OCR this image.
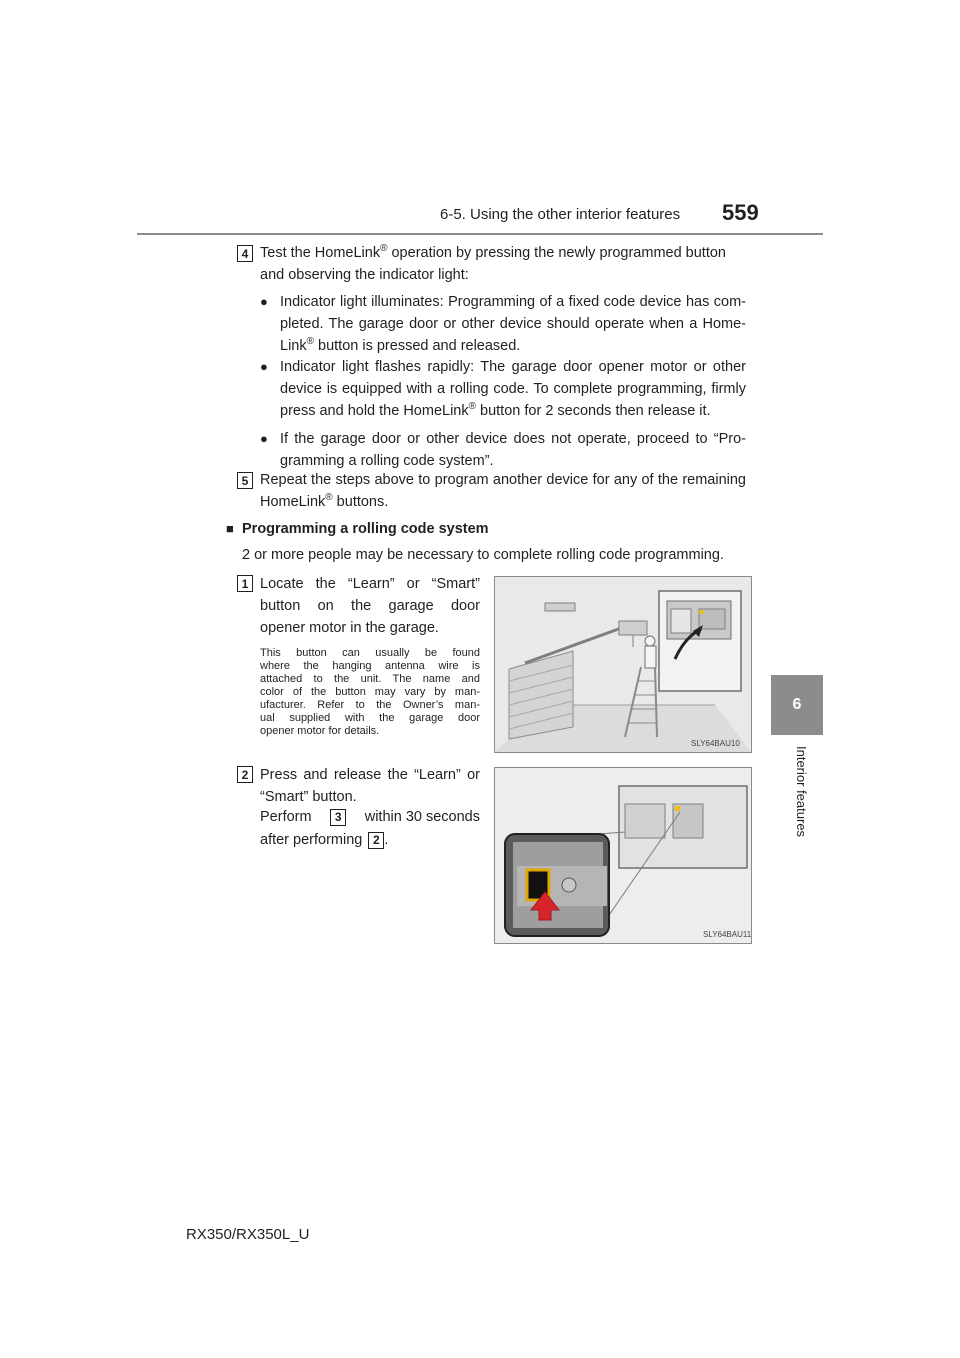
6-5. Using the other interior features 559
6
Interior features
4 Test the HomeLink® operation by pressing the newly programmed button
and observing the indicator light:
● Indicator light illuminates: Programming of a fixed code device has com-
pleted. The garage door or other device should operate when a Home-
Link® button is pressed and released.
● Indicator light flashes rapidly: The garage door opener motor or other
device is equipped with a rolling code. To complete programming, firmly
press and hold the HomeLink® button for 2 seconds then release it.
● If the garage door or other device does not operate, proceed to “Pro-
gramming a rolling code system”.
5 Repeat the steps above to program another device for any of the remaining
HomeLink® buttons.
■ Programming a rolling code system
2 or more people may be necessary to complete rolling code programming.
1 Locate the “Learn” or “Smart”
button on the garage door
opener motor in the garage.
This button can usually be found
where the hanging antenna wire is
attached to the unit. The name and
color of the button may vary by man-
ufacturer. Refer to the Owner’s man-
ual supplied with the garage door
opener motor for details.
SLY64BAU10
2 Press and release the “Learn” or
“Smart” button.
Perform	3	within 30 seconds
after performing 2 .
SLY64BAU11
RX350/RX350L_U
